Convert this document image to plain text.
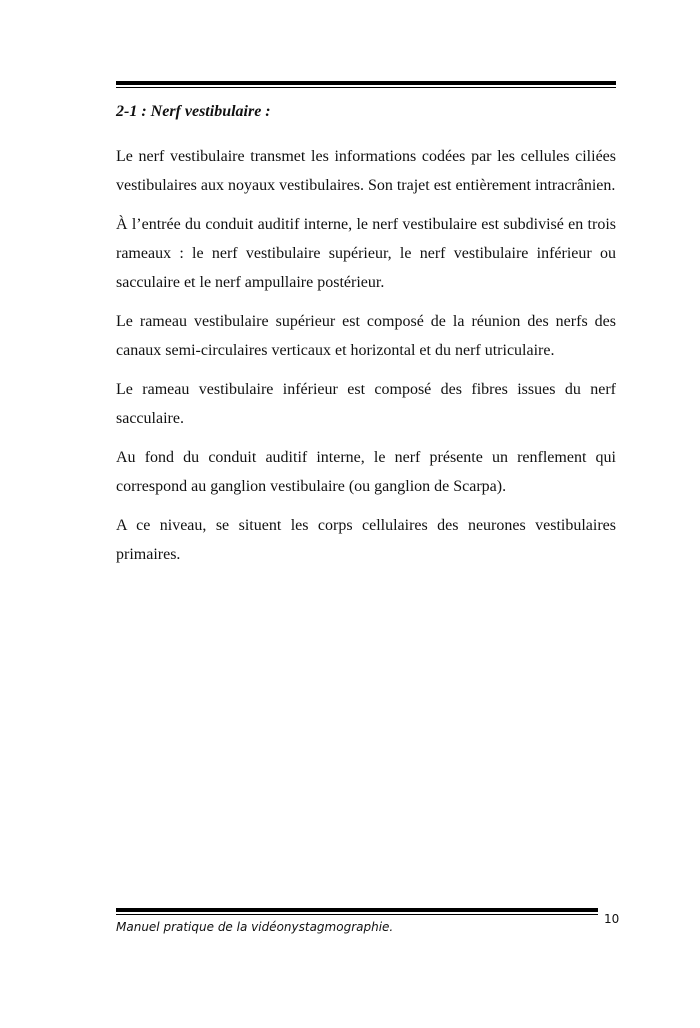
2-1 : Nerf vestibulaire :

Le nerf vestibulaire transmet les informations codées par les cellules ciliées vestibulaires aux noyaux vestibulaires. Son trajet est entièrement intracrânien.

À l’entrée du conduit auditif interne, le nerf vestibulaire est subdivisé en trois rameaux : le nerf vestibulaire supérieur, le nerf vestibulaire inférieur ou sacculaire et le nerf ampullaire postérieur.

Le rameau vestibulaire supérieur est composé de la réunion des nerfs des canaux semi-circulaires verticaux et horizontal et du nerf utriculaire.

Le rameau vestibulaire inférieur est composé des fibres issues du nerf sacculaire.

Au fond du conduit auditif interne, le nerf présente un renflement qui correspond au ganglion vestibulaire (ou ganglion de Scarpa).

A ce niveau, se situent les corps cellulaires des neurones vestibulaires primaires.

10
Manuel pratique de la vidéonystagmographie.
